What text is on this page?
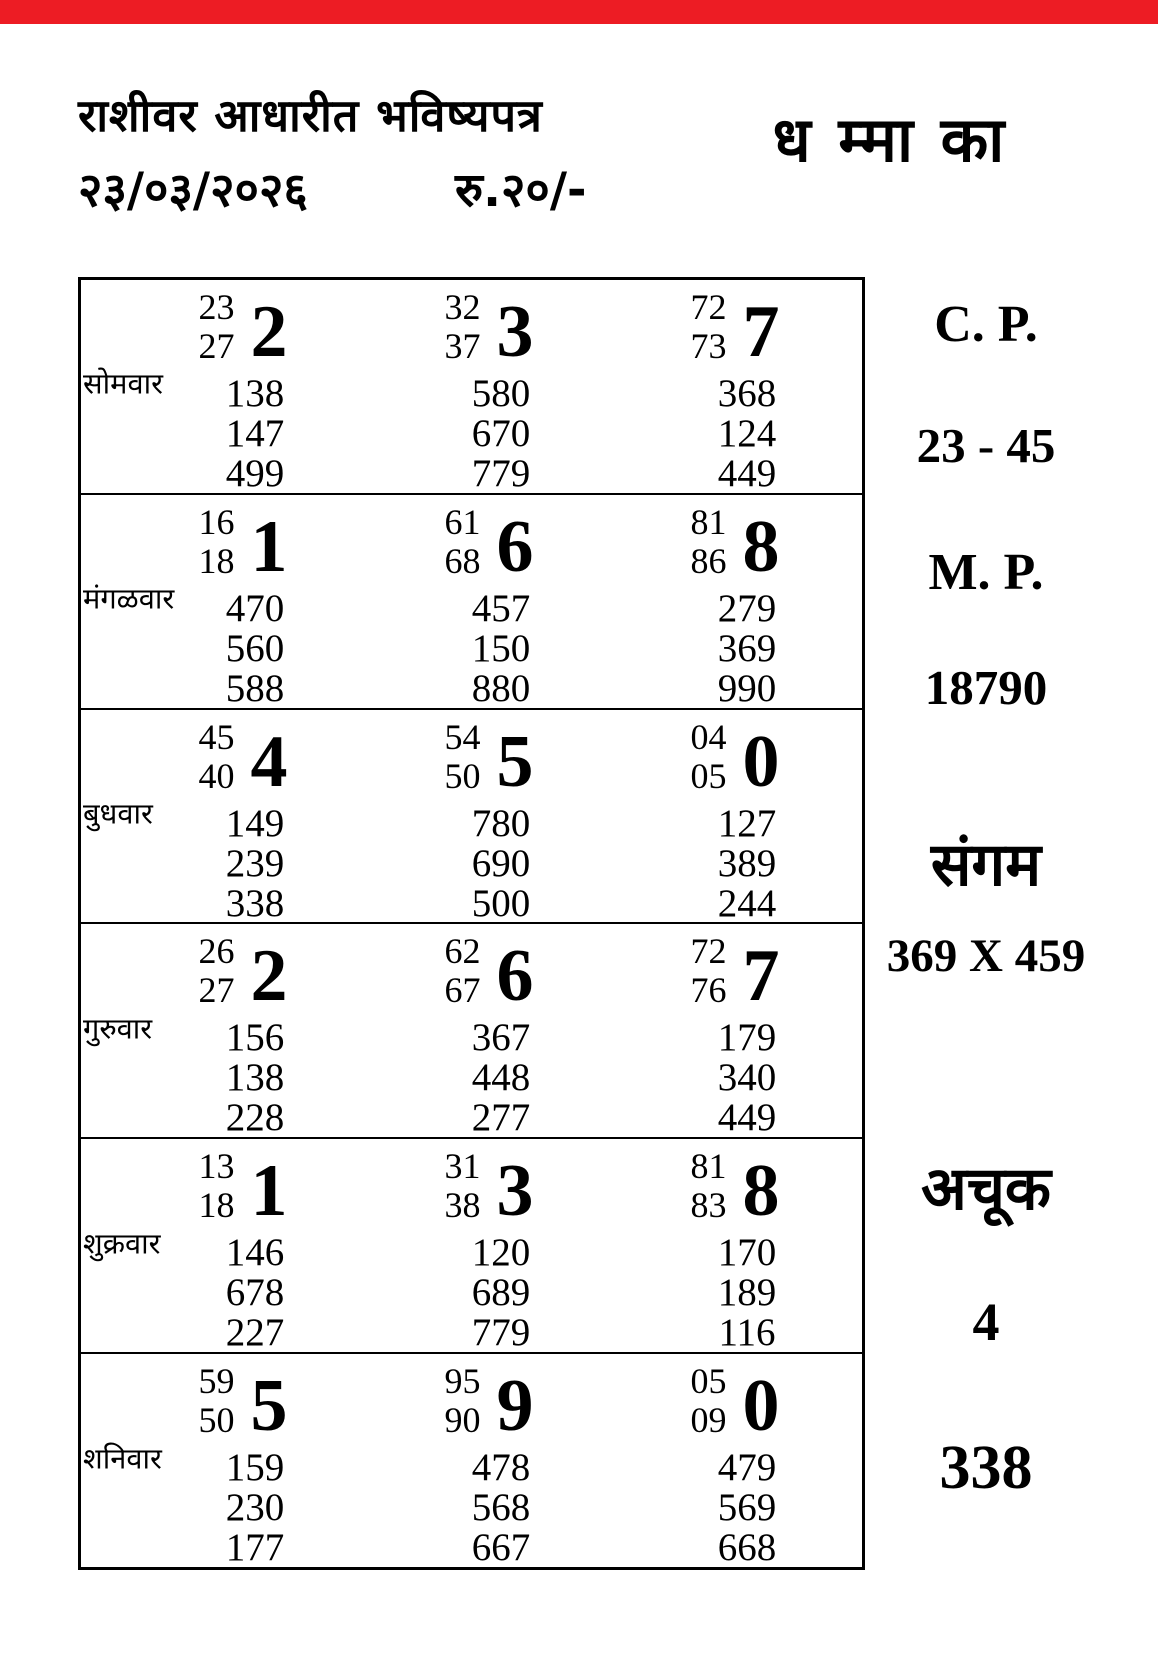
राशीवर आधारीत भविष्यपत्र
२३/०३/२०२६	रु.२०/-
ध म्मा का
सोमवार
23
27 2
138
147
499
32
37 3
580
670
779
72
73 7
368
124
449
मंगळवार
16
18 1
470
560
588
61
68 6
457
150
880
81
86 8
279
369
990
बुधवार
45
40 4
149
239
338
54
50 5
780
690
500
04
05 0
127
389
244
गुरुवार
26
27 2
156
138
228
62
67 6
367
448
277
72
76 7
179
340
449
शुक्रवार
13
18 1
146
678
227
31
38 3
120
689
779
81
83 8
170
189
116
शनिवार
59
50 5
159
230
177
95
90 9
478
568
667
05
09 0
479
569
668
C. P.
23 - 45
M. P.
18790
संगम
369 X 459
अचूक
4
338
